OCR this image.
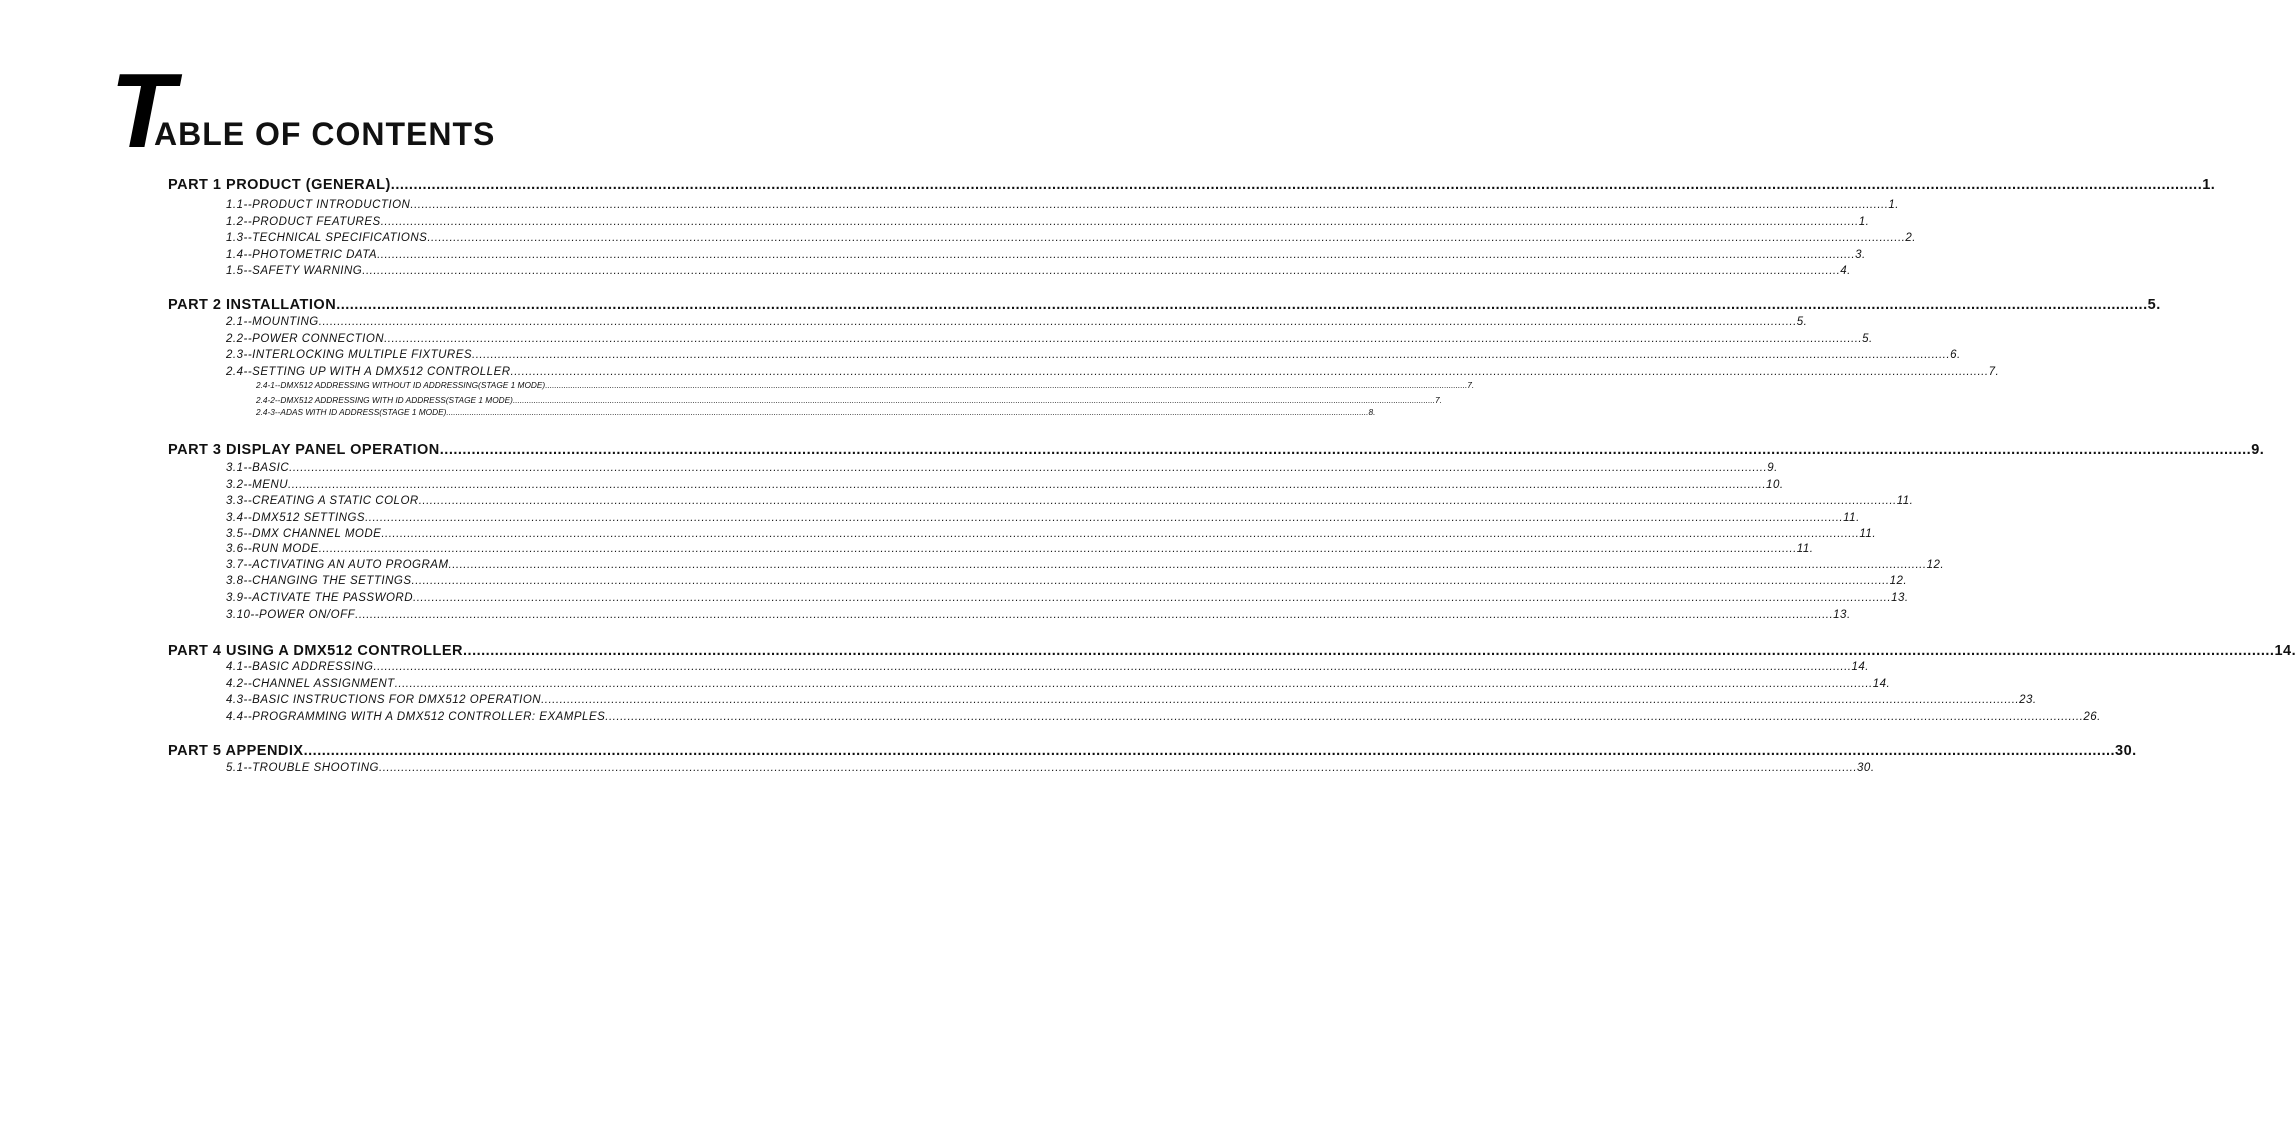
T
ABLE OF CONTENTS
PART 1 PRODUCT (GENERAL) ................................................................................................................................................................................................................................................................................................................................................................................................................ 1.
1.1--PRODUCT INTRODUCTION ................................................................................................................................................................................................................................................................................................................................................................................................................ 1.
1.2--PRODUCT FEATURES ................................................................................................................................................................................................................................................................................................................................................................................................................ 1.
1.3--TECHNICAL SPECIFICATIONS ................................................................................................................................................................................................................................................................................................................................................................................................................ 2.
1.4--PHOTOMETRIC DATA ................................................................................................................................................................................................................................................................................................................................................................................................................ 3.
1.5--SAFETY WARNING ................................................................................................................................................................................................................................................................................................................................................................................................................ 4.
PART 2 INSTALLATION ................................................................................................................................................................................................................................................................................................................................................................................................................ 5.
2.1--MOUNTING ................................................................................................................................................................................................................................................................................................................................................................................................................ 5.
2.2--POWER CONNECTION ................................................................................................................................................................................................................................................................................................................................................................................................................ 5.
2.3--INTERLOCKING MULTIPLE FIXTURES ................................................................................................................................................................................................................................................................................................................................................................................................................ 6.
2.4--SETTING UP WITH A DMX512 CONTROLLER ................................................................................................................................................................................................................................................................................................................................................................................................................ 7.
2.4-1--DMX512 ADDRESSING WITHOUT ID ADDRESSING(STAGE 1 MODE) ................................................................................................................................................................................................................................................................................................................................................................................................................ 7.
2.4-2--DMX512 ADDRESSING WITH ID ADDRESS(STAGE 1 MODE) ................................................................................................................................................................................................................................................................................................................................................................................................................ 7.
2.4-3--ADAS WITH ID ADDRESS(STAGE 1 MODE) ................................................................................................................................................................................................................................................................................................................................................................................................................ 8.
PART 3 DISPLAY PANEL OPERATION ................................................................................................................................................................................................................................................................................................................................................................................................................ 9.
3.1--BASIC ................................................................................................................................................................................................................................................................................................................................................................................................................ 9.
3.2--MENU ................................................................................................................................................................................................................................................................................................................................................................................................................ 10.
3.3--CREATING A STATIC COLOR ................................................................................................................................................................................................................................................................................................................................................................................................................ 11.
3.4--DMX512 SETTINGS ................................................................................................................................................................................................................................................................................................................................................................................................................ 11.
3.5--DMX CHANNEL MODE ................................................................................................................................................................................................................................................................................................................................................................................................................ 11.
3.6--RUN MODE ................................................................................................................................................................................................................................................................................................................................................................................................................ 11.
3.7--ACTIVATING AN AUTO PROGRAM ................................................................................................................................................................................................................................................................................................................................................................................................................ 12.
3.8--CHANGING THE SETTINGS ................................................................................................................................................................................................................................................................................................................................................................................................................ 12.
3.9--ACTIVATE THE PASSWORD ................................................................................................................................................................................................................................................................................................................................................................................................................ 13.
3.10--POWER ON/OFF ................................................................................................................................................................................................................................................................................................................................................................................................................ 13.
PART 4 USING A DMX512 CONTROLLER ................................................................................................................................................................................................................................................................................................................................................................................................................ 14.
4.1--BASIC ADDRESSING ................................................................................................................................................................................................................................................................................................................................................................................................................ 14.
4.2--CHANNEL ASSIGNMENT ................................................................................................................................................................................................................................................................................................................................................................................................................ 14.
4.3--BASIC INSTRUCTIONS FOR DMX512 OPERATION ................................................................................................................................................................................................................................................................................................................................................................................................................ 23.
4.4--PROGRAMMING WITH A DMX512 CONTROLLER: EXAMPLES ................................................................................................................................................................................................................................................................................................................................................................................................................ 26.
PART 5 APPENDIX ................................................................................................................................................................................................................................................................................................................................................................................................................ 30.
5.1--TROUBLE SHOOTING ................................................................................................................................................................................................................................................................................................................................................................................................................ 30.
